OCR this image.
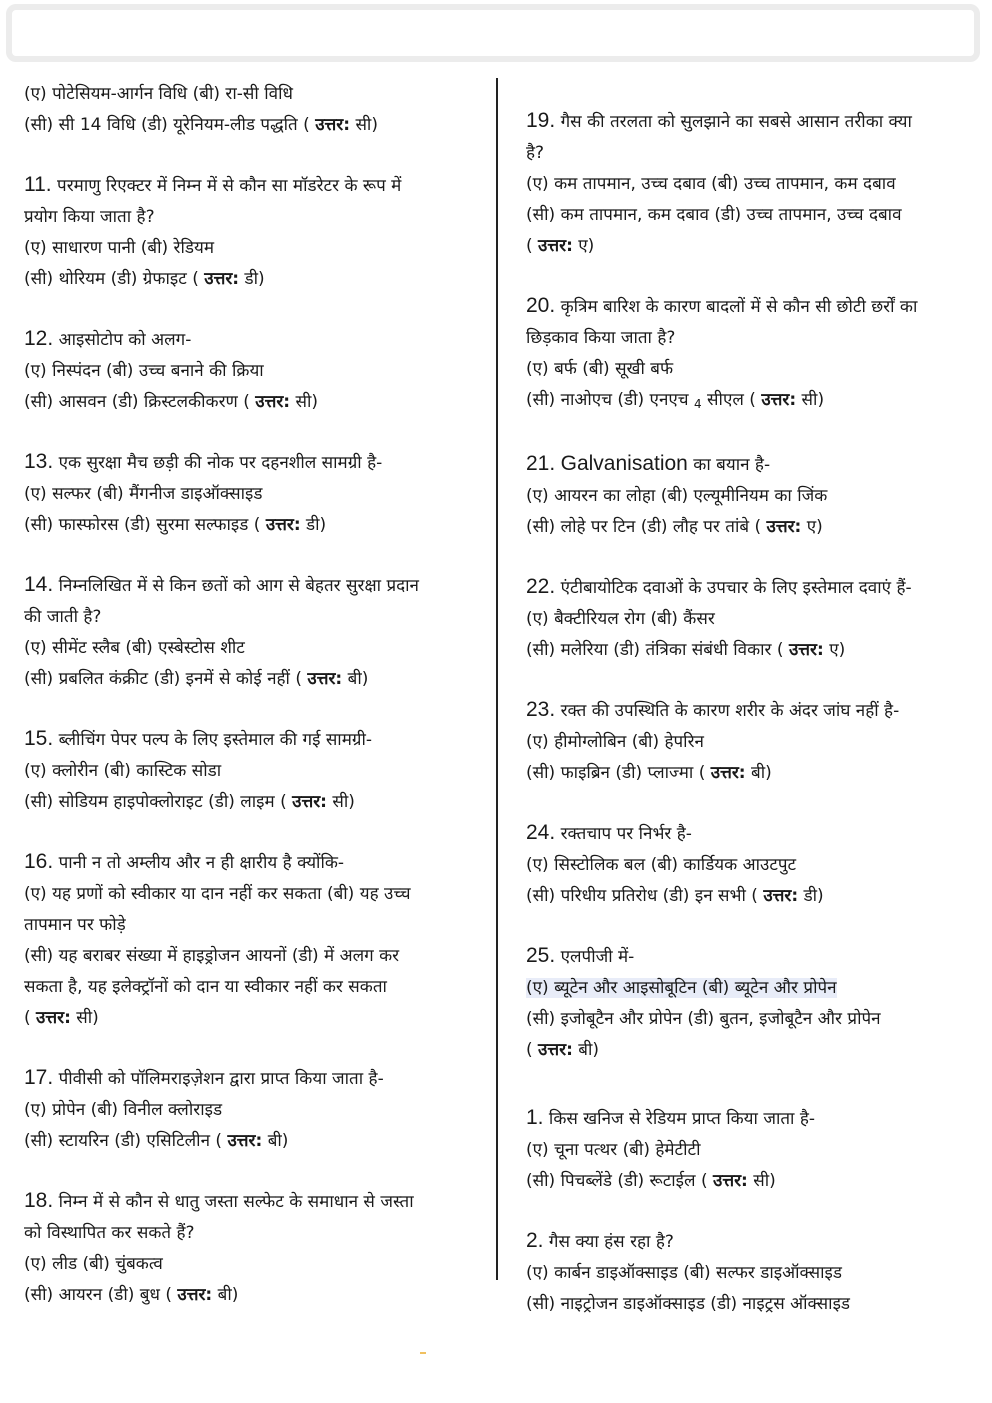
(ए) पोटेसियम-आर्गन विधि (बी) रा-सी विधि
(सी) सी 14 विधि (डी) यूरेनियम-लीड पद्धति ( उत्तर: सी)
11. परमाणु रिएक्टर में निम्न में से कौन सा मॉडरेटर के रूप में
प्रयोग किया जाता है?
(ए) साधारण पानी (बी) रेडियम
(सी) थोरियम (डी) ग्रेफाइट ( उत्तर: डी)
12. आइसोटोप को अलग-
(ए) निस्पंदन (बी) उच्च बनाने की क्रिया
(सी) आसवन (डी) क्रिस्टलकीकरण ( उत्तर: सी)
13. एक सुरक्षा मैच छड़ी की नोक पर दहनशील सामग्री है-
(ए) सल्फर (बी) मैंगनीज डाइऑक्साइड
(सी) फास्फोरस (डी) सुरमा सल्फाइड ( उत्तर: डी)
14. निम्नलिखित में से किन छतों को आग से बेहतर सुरक्षा प्रदान
की जाती है?
(ए) सीमेंट स्लैब (बी) एस्बेस्टोस शीट
(सी) प्रबलित कंक्रीट (डी) इनमें से कोई नहीं ( उत्तर: बी)
15. ब्लीचिंग पेपर पल्प के लिए इस्तेमाल की गई सामग्री-
(ए) क्लोरीन (बी) कास्टिक सोडा
(सी) सोडियम हाइपोक्लोराइट (डी) लाइम ( उत्तर: सी)
16. पानी न तो अम्लीय और न ही क्षारीय है क्योंकि-
(ए) यह प्रणों को स्वीकार या दान नहीं कर सकता (बी) यह उच्च
तापमान पर फोड़े
(सी) यह बराबर संख्या में हाइड्रोजन आयनों (डी) में अलग कर
सकता है, यह इलेक्ट्रॉनों को दान या स्वीकार नहीं कर सकता
( उत्तर: सी)
17. पीवीसी को पॉलिमराइज़ेशन द्वारा प्राप्त किया जाता है-
(ए) प्रोपेन (बी) विनील क्लोराइड
(सी) स्टायरिन (डी) एसिटिलीन ( उत्तर: बी)
18. निम्न में से कौन से धातु जस्ता सल्फेट के समाधान से जस्ता
को विस्थापित कर सकते हैं?
(ए) लीड (बी) चुंबकत्व
(सी) आयरन (डी) बुध ( उत्तर: बी)
19. गैस की तरलता को सुलझाने का सबसे आसान तरीका क्या
है?
(ए) कम तापमान, उच्च दबाव (बी) उच्च तापमान, कम दबाव
(सी) कम तापमान, कम दबाव (डी) उच्च तापमान, उच्च दबाव
( उत्तर: ए)
20. कृत्रिम बारिश के कारण बादलों में से कौन सी छोटी छर्रों का
छिड़काव किया जाता है?
(ए) बर्फ (बी) सूखी बर्फ
(सी) नाओएच (डी) एनएच $_4$ सीएल ( उत्तर: सी)
21. Galvanisation का बयान है-
(ए) आयरन का लोहा (बी) एल्यूमीनियम का जिंक
(सी) लोहे पर टिन (डी) लौह पर तांबे ( उत्तर: ए)
22. एंटीबायोटिक दवाओं के उपचार के लिए इस्तेमाल दवाएं हैं-
(ए) बैक्टीरियल रोग (बी) कैंसर
(सी) मलेरिया (डी) तंत्रिका संबंधी विकार ( उत्तर: ए)
23. रक्त की उपस्थिति के कारण शरीर के अंदर जांघ नहीं है-
(ए) हीमोग्लोबिन (बी) हेपरिन
(सी) फाइब्रिन (डी) प्लाज्मा ( उत्तर: बी)
24. रक्तचाप पर निर्भर है-
(ए) सिस्टोलिक बल (बी) कार्डियक आउटपुट
(सी) परिधीय प्रतिरोध (डी) इन सभी ( उत्तर: डी)
25. एलपीजी में-
(ए) ब्यूटेन और आइसोबूटिन (बी) ब्यूटेन और प्रोपेन
(सी) इजोबूटैन और प्रोपेन (डी) बुतन, इजोबूटैन और प्रोपेन
( उत्तर: बी)
1. किस खनिज से रेडियम प्राप्त किया जाता है-
(ए) चूना पत्थर (बी) हेमेटीटी
(सी) पिचब्लेंडे (डी) रूटाईल ( उत्तर: सी)
2. गैस क्या हंस रहा है?
(ए) कार्बन डाइऑक्साइड (बी) सल्फर डाइऑक्साइड
(सी) नाइट्रोजन डाइऑक्साइड (डी) नाइट्रस ऑक्साइड
